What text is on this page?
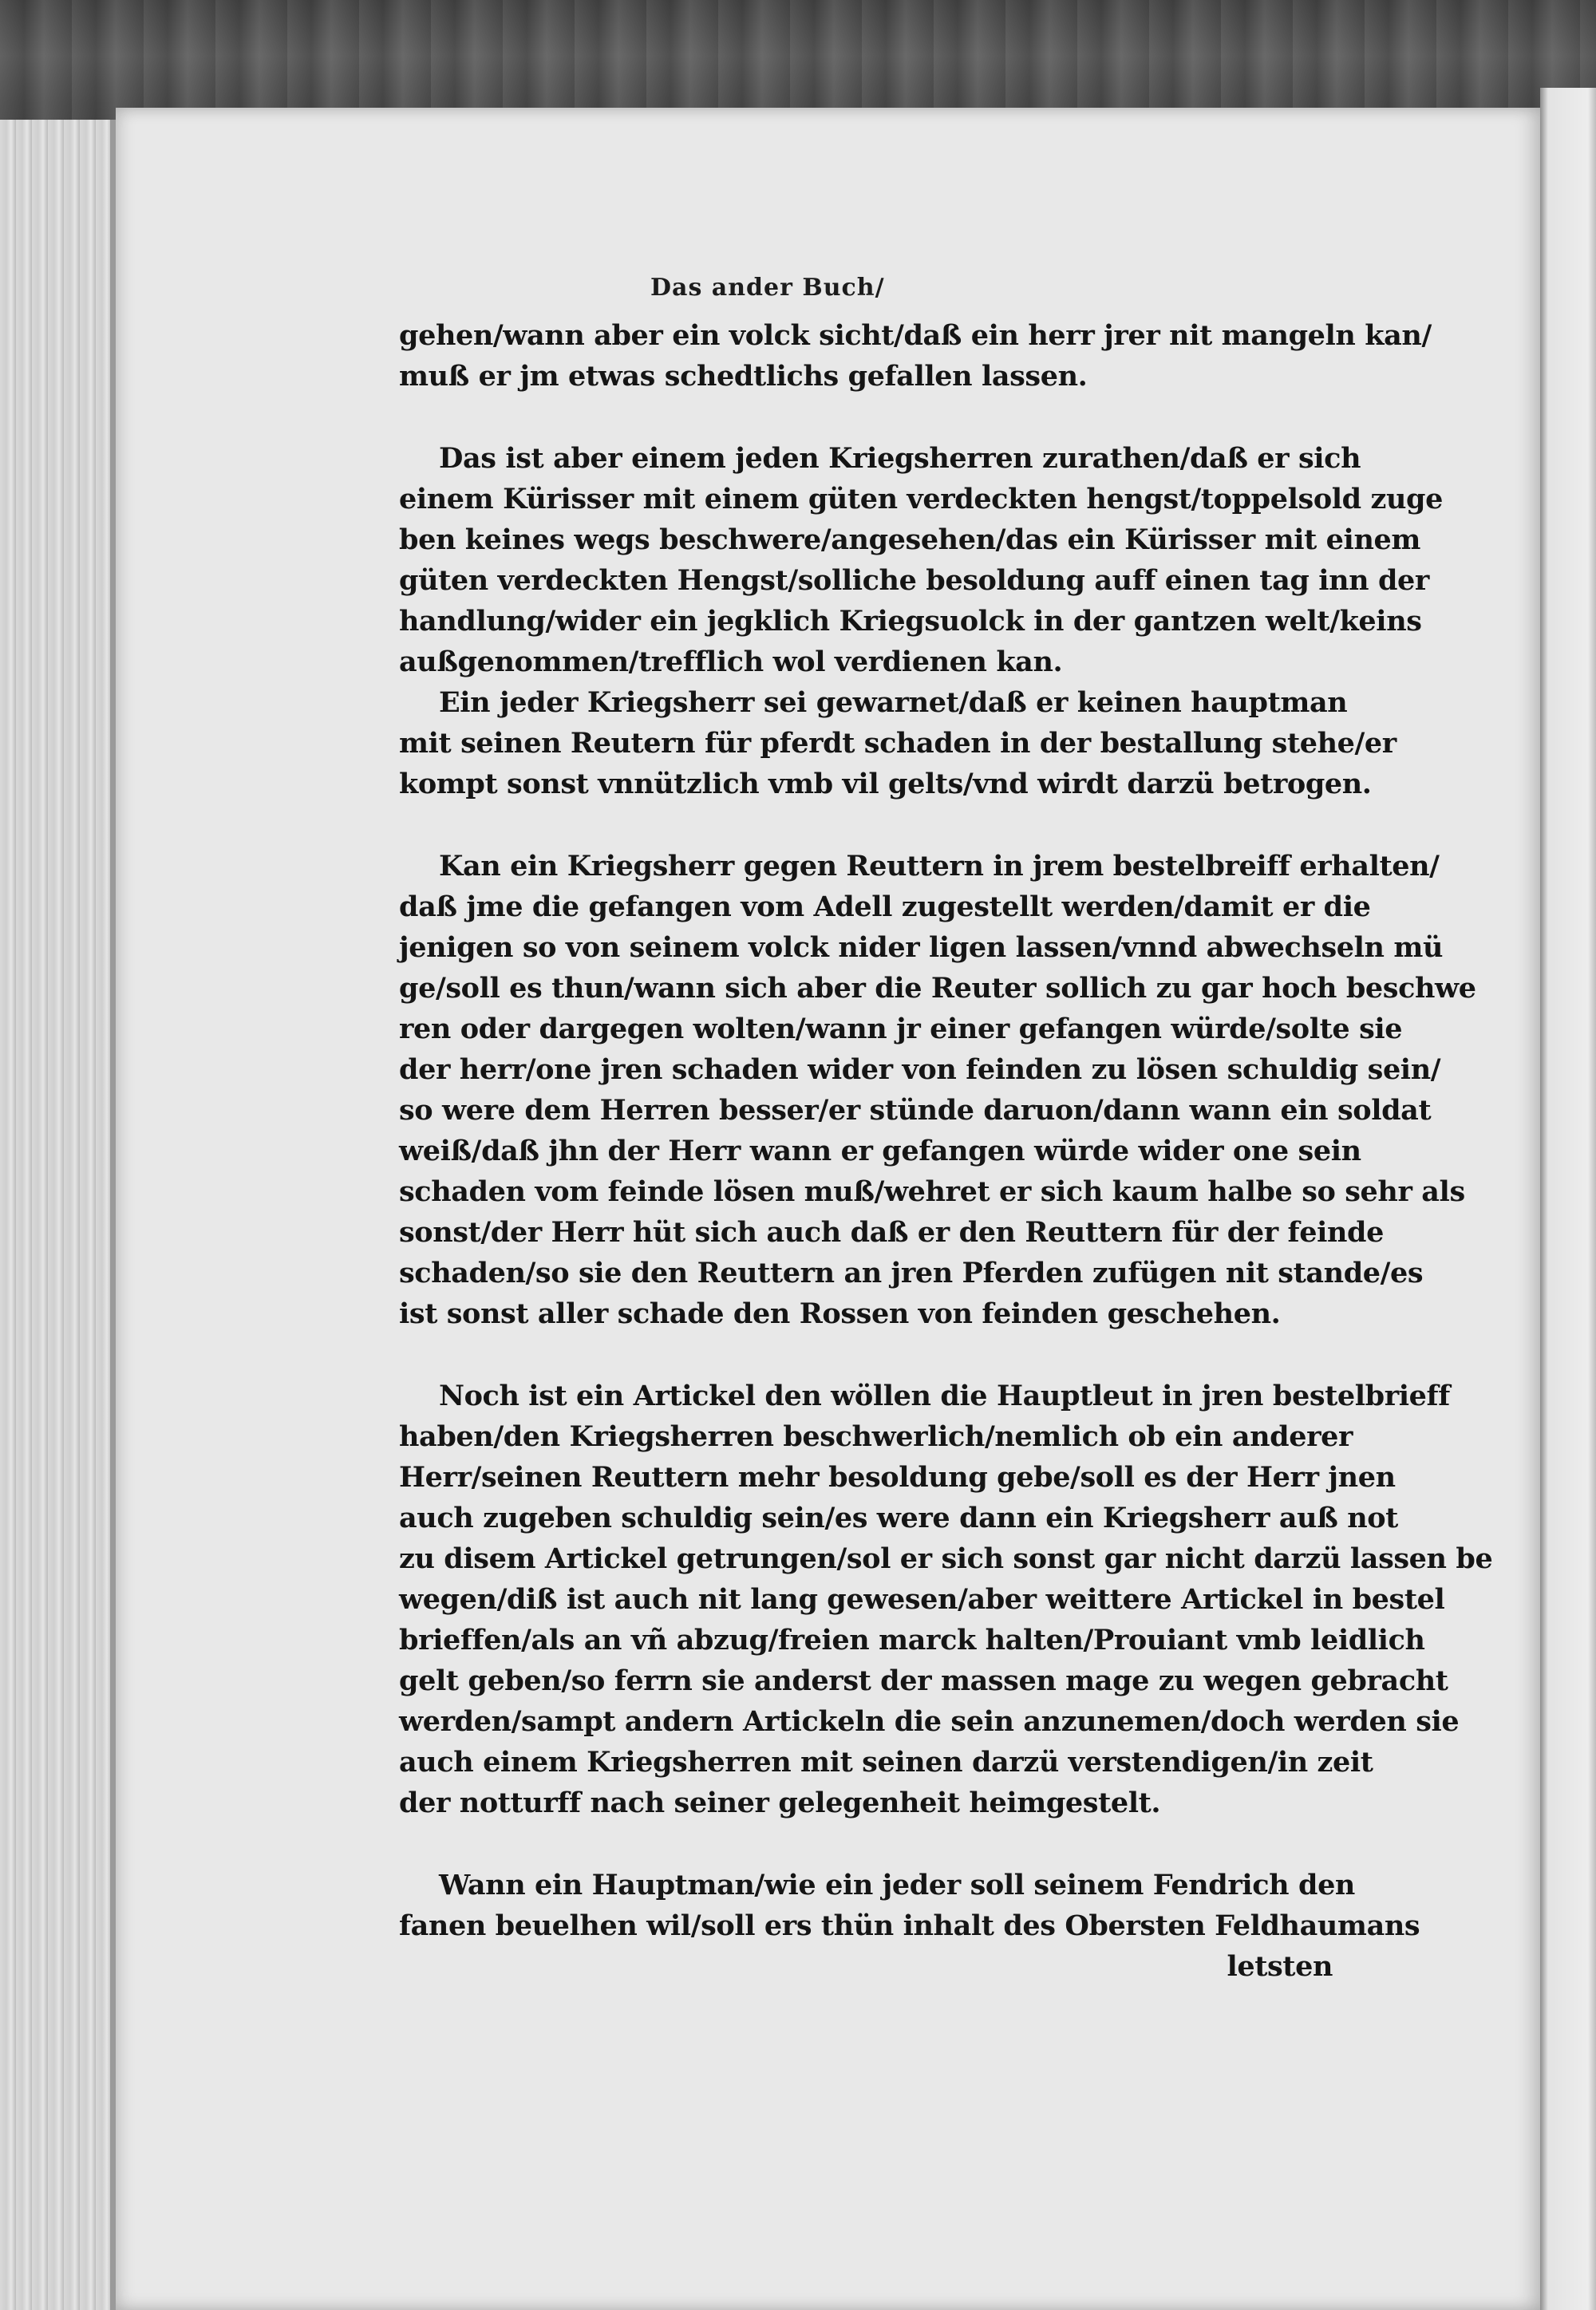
Das ander Buch/
gehen/wann aber ein volck sicht/daß ein herr jrer nit mangeln kan/
muß er jm etwas schedtlichs gefallen lassen.
Das ist aber einem jeden Kriegsherren zurathen/daß er sich
einem Kürisser mit einem güten verdeckten hengst/toppelsold zuge
ben keines wegs beschwere/angesehen/das ein Kürisser mit einem
güten verdeckten Hengst/solliche besoldung auff einen tag inn der
handlung/wider ein jegklich Kriegsuolck in der gantzen welt/keins
außgenommen/trefflich wol verdienen kan.
Ein jeder Kriegsherr sei gewarnet/daß er keinen hauptman
mit seinen Reutern für pferdt schaden in der bestallung stehe/er
kompt sonst vnnützlich vmb vil gelts/vnd wirdt darzü betrogen.
Kan ein Kriegsherr gegen Reuttern in jrem bestelbreiff erhalten/
daß jme die gefangen vom Adell zugestellt werden/damit er die
jenigen so von seinem volck nider ligen lassen/vnnd abwechseln mü
ge/soll es thun/wann sich aber die Reuter sollich zu gar hoch beschwe
ren oder dargegen wolten/wann jr einer gefangen würde/solte sie
der herr/one jren schaden wider von feinden zu lösen schuldig sein/
so were dem Herren besser/er stünde daruon/dann wann ein soldat
weiß/daß jhn der Herr wann er gefangen würde wider one sein
schaden vom feinde lösen muß/wehret er sich kaum halbe so sehr als
sonst/der Herr hüt sich auch daß er den Reuttern für der feinde
schaden/so sie den Reuttern an jren Pferden zufügen nit stande/es
ist sonst aller schade den Rossen von feinden geschehen.
Noch ist ein Artickel den wöllen die Hauptleut in jren bestelbrieff
haben/den Kriegsherren beschwerlich/nemlich ob ein anderer
Herr/seinen Reuttern mehr besoldung gebe/soll es der Herr jnen
auch zugeben schuldig sein/es were dann ein Kriegsherr auß not
zu disem Artickel getrungen/sol er sich sonst gar nicht darzü lassen be
wegen/diß ist auch nit lang gewesen/aber weittere Artickel in bestel
brieffen/als an vñ abzug/freien marck halten/Prouiant vmb leidlich
gelt geben/so ferrn sie anderst der massen mage zu wegen gebracht
werden/sampt andern Artickeln die sein anzunemen/doch werden sie
auch einem Kriegsherren mit seinen darzü verstendigen/in zeit
der notturff nach seiner gelegenheit heimgestelt.
Wann ein Hauptman/wie ein jeder soll seinem Fendrich den
fanen beuelhen wil/soll ers thün inhalt des Obersten Feldhaumans
letsten
